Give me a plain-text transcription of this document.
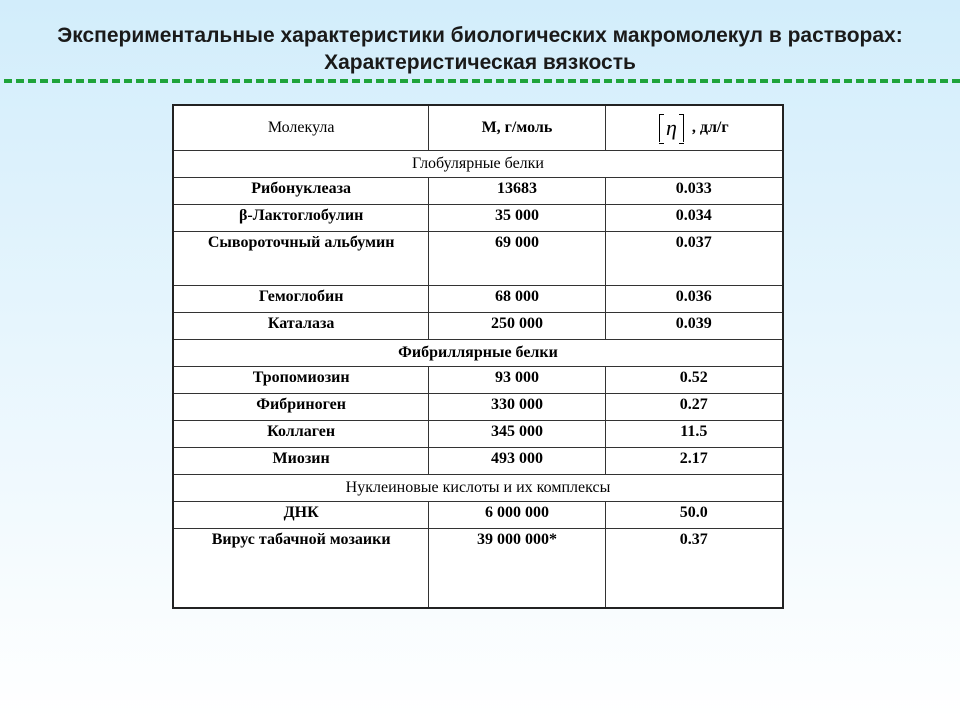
Экспериментальные характеристики биологических макромолекул в растворах:
Характеристическая вязкость
Молекула	М, г/моль	η , дл/г

Глобулярные белки		
Рибонуклеаза	13683	0.033
β-Лактоглобулин	35 000	0.034
Сывороточный альбумин	69 000	0.037
Гемоглобин	68 000	0.036
Каталаза	250 000	0.039
Фибриллярные белки		
Тропомиозин	93 000	0.52
Фибриноген	330 000	0.27
Коллаген	345 000	11.5
Миозин	493 000	2.17
Нуклеиновые кислоты и их комплексы		
ДНК	6 000 000	50.0
Вирус табачной мозаики	39 000 000*	0.37
